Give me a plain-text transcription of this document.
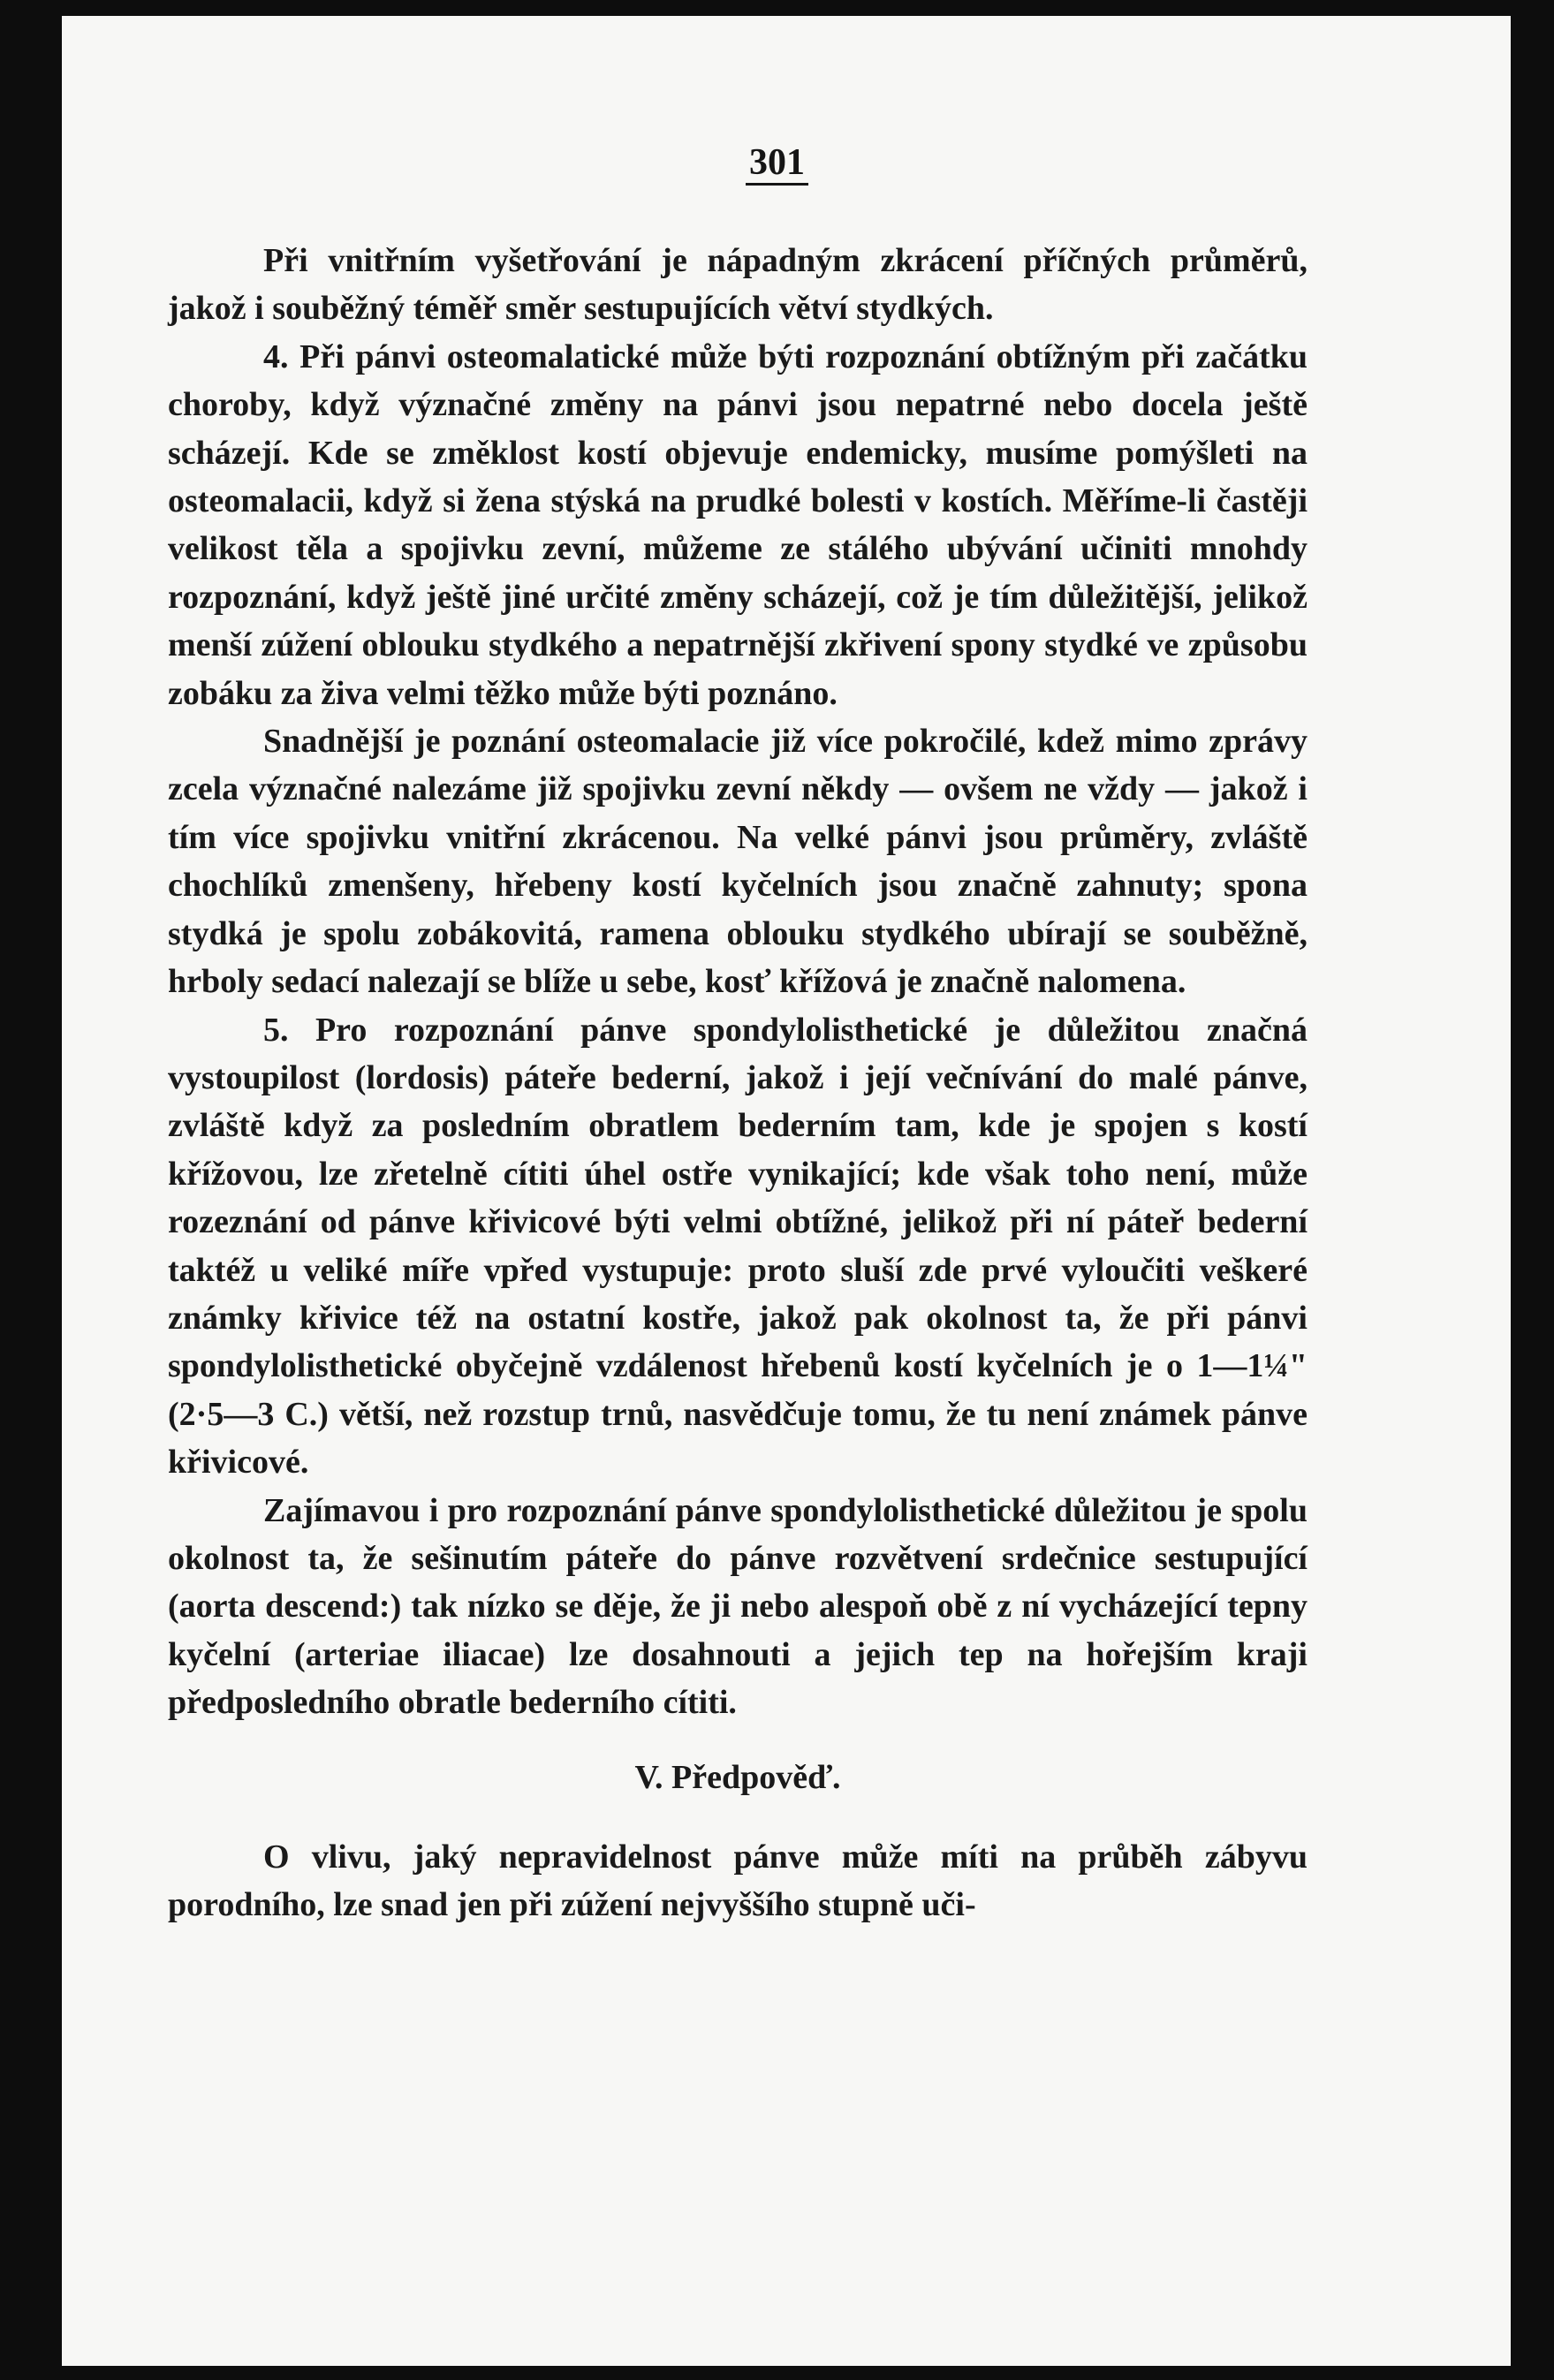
301

Při vnitřním vyšetřování je nápadným zkrácení příčných průměrů, jakož i souběžný téměř směr sestupujících větví stydkých.

4. Při pánvi osteomalatické může býti rozpoznání obtížným při začátku choroby, když význačné změny na pánvi jsou nepatrné nebo docela ještě scházejí. Kde se změklost kostí objevuje endemicky, musíme pomýšleti na osteomalacii, když si žena stýská na prudké bolesti v kostích. Měříme-li častěji velikost těla a spojivku zevní, můžeme ze stálého ubývání učiniti mnohdy rozpoznání, když ještě jiné určité změny scházejí, což je tím důležitější, jelikož menší zúžení oblouku stydkého a nepatrnější zkřivení spony stydké ve způsobu zobáku za živa velmi těžko může býti poznáno.

Snadnější je poznání osteomalacie již více pokročilé, kdež mimo zprávy zcela význačné nalezáme již spojivku zevní někdy — ovšem ne vždy — jakož i tím více spojivku vnitřní zkrácenou. Na velké pánvi jsou průměry, zvláště chochlíků zmenšeny, hřebeny kostí kyčelních jsou značně zahnuty; spona stydká je spolu zobákovitá, ramena oblouku stydkého ubírají se souběžně, hrboly sedací nalezají se blíže u sebe, kosť křížová je značně nalomena.

5. Pro rozpoznání pánve spondylolisthetické je důležitou značná vystoupilost (lordosis) páteře bederní, jakož i její večnívání do malé pánve, zvláště když za posledním obratlem bederním tam, kde je spojen s kostí křížovou, lze zřetelně cítiti úhel ostře vynikající; kde však toho není, může rozeznání od pánve křivicové býti velmi obtížné, jelikož při ní páteř bederní taktéž u veliké míře vpřed vystupuje: proto sluší zde prvé vyloučiti veškeré známky křivice též na ostatní kostře, jakož pak okolnost ta, že při pánvi spondylolisthetické obyčejně vzdálenost hřebenů kostí kyčelních je o 1—1¼" (2·5—3 C.) větší, než rozstup trnů, nasvědčuje tomu, že tu není známek pánve křivicové.

Zajímavou i pro rozpoznání pánve spondylolisthetické důležitou je spolu okolnost ta, že sešinutím páteře do pánve rozvětvení srdečnice sestupující (aorta descend:) tak nízko se děje, že ji nebo alespoň obě z ní vycházející tepny kyčelní (arteriae iliacae) lze dosahnouti a jejich tep na hořejším kraji předposledního obratle bederního cítiti.

V. Předpověď.

O vlivu, jaký nepravidelnost pánve může míti na průběh zábyvu porodního, lze snad jen při zúžení nejvyššího stupně uči-
